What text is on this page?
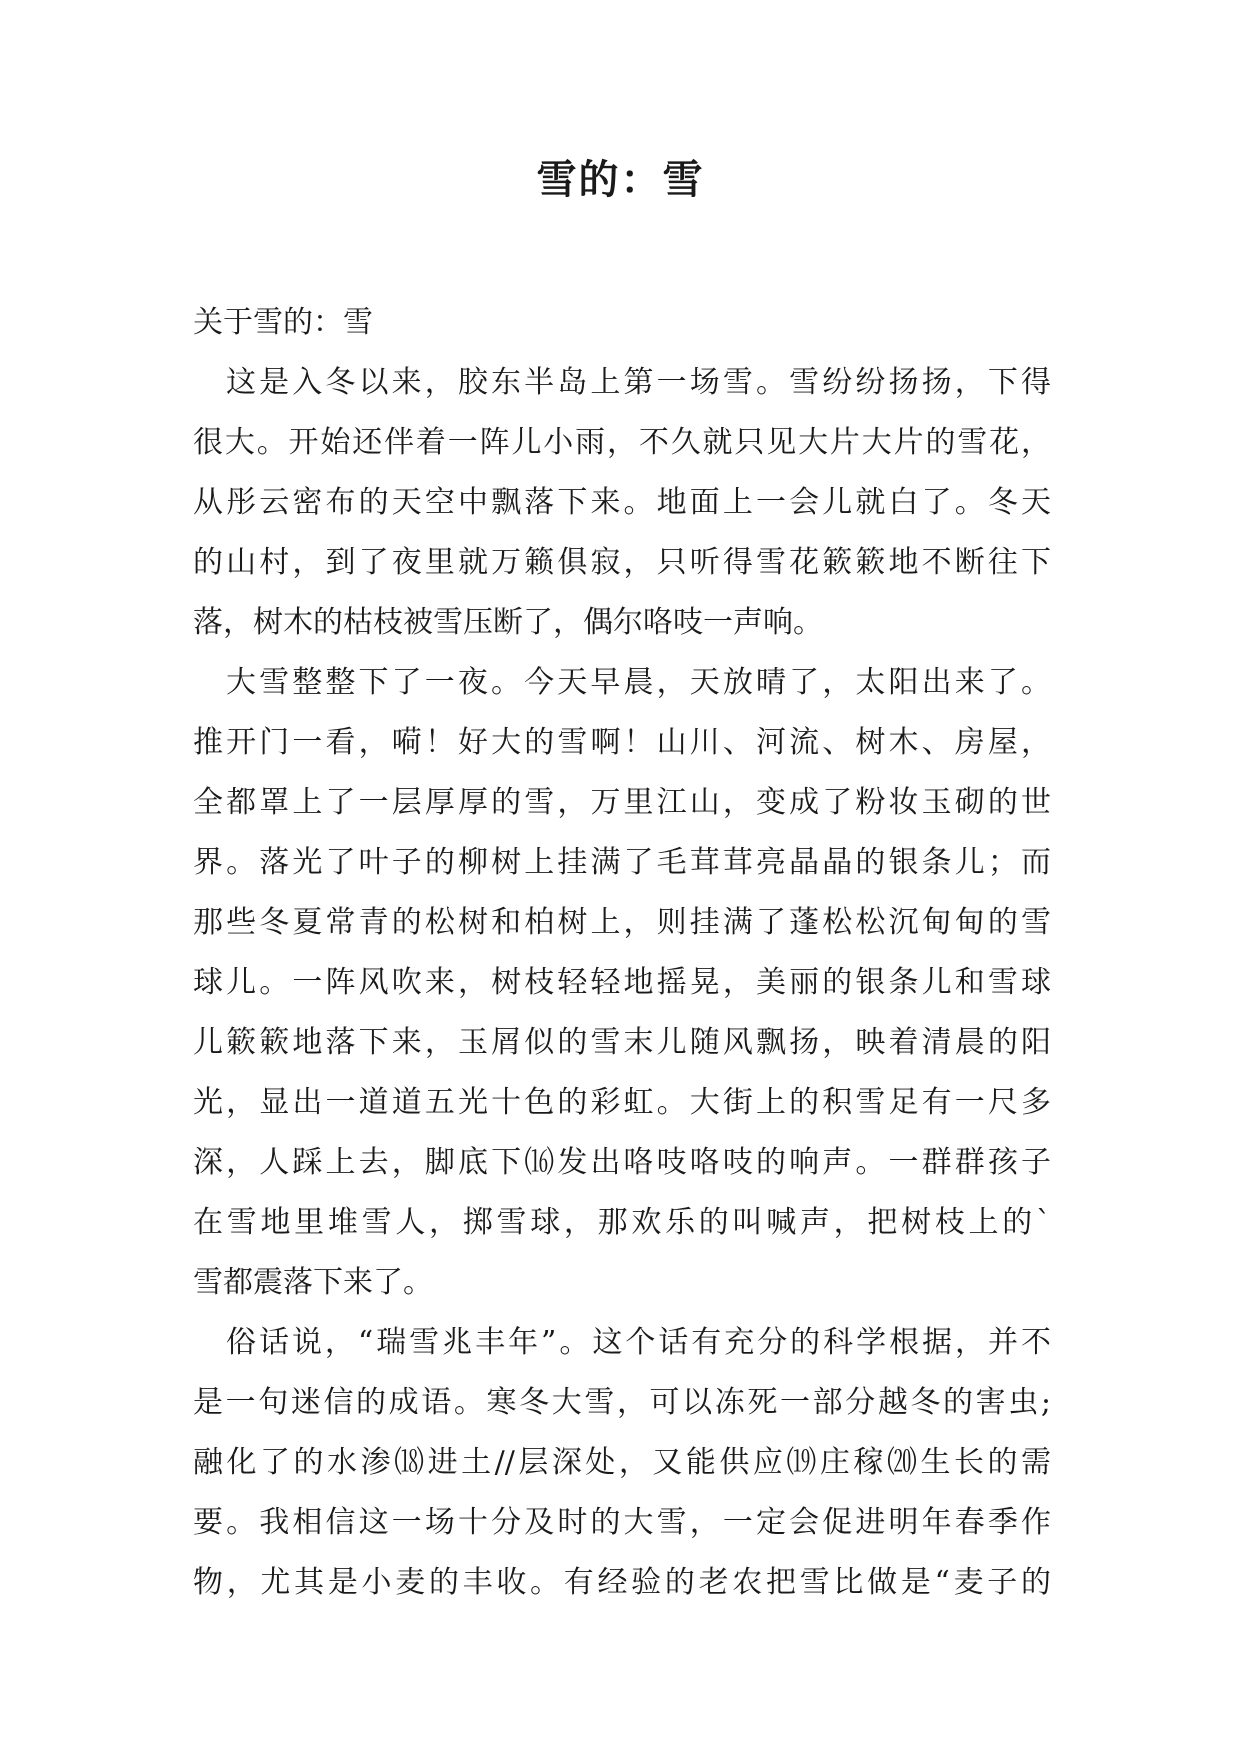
雪的：雪

关于雪的：雪

这是入冬以来，胶东半岛上第一场雪。雪纷纷扬扬，下得

很大。开始还伴着一阵儿小雨，不久就只见大片大片的雪花，

从彤云密布的天空中飘落下来。地面上一会儿就白了。冬天

的山村，到了夜里就万籁俱寂，只听得雪花簌簌地不断往下

落，树木的枯枝被雪压断了，偶尔咯吱一声响。

大雪整整下了一夜。今天早晨，天放晴了，太阳出来了。

推开门一看，嗬！好大的雪啊！山川、河流、树木、房屋，

全都罩上了一层厚厚的雪，万里江山，变成了粉妆玉砌的世

界。落光了叶子的柳树上挂满了毛茸茸亮晶晶的银条儿；而

那些冬夏常青的松树和柏树上，则挂满了蓬松松沉甸甸的雪

球儿。一阵风吹来，树枝轻轻地摇晃，美丽的银条儿和雪球

儿簌簌地落下来，玉屑似的雪末儿随风飘扬，映着清晨的阳

光，显出一道道五光十色的彩虹。大街上的积雪足有一尺多

深，人踩上去，脚底下⒃发出咯吱咯吱的响声。一群群孩子

在雪地里堆雪人，掷雪球，那欢乐的叫喊声，把树枝上的`

雪都震落下来了。

俗话说，“瑞雪兆丰年”。这个话有充分的科学根据，并不

是一句迷信的成语。寒冬大雪，可以冻死一部分越冬的害虫;

融化了的水渗⒅进土//层深处，又能供应⒆庄稼⒇生长的需

要。我相信这一场十分及时的大雪，一定会促进明年春季作

物，尤其是小麦的丰收。有经验的老农把雪比做是“麦子的
